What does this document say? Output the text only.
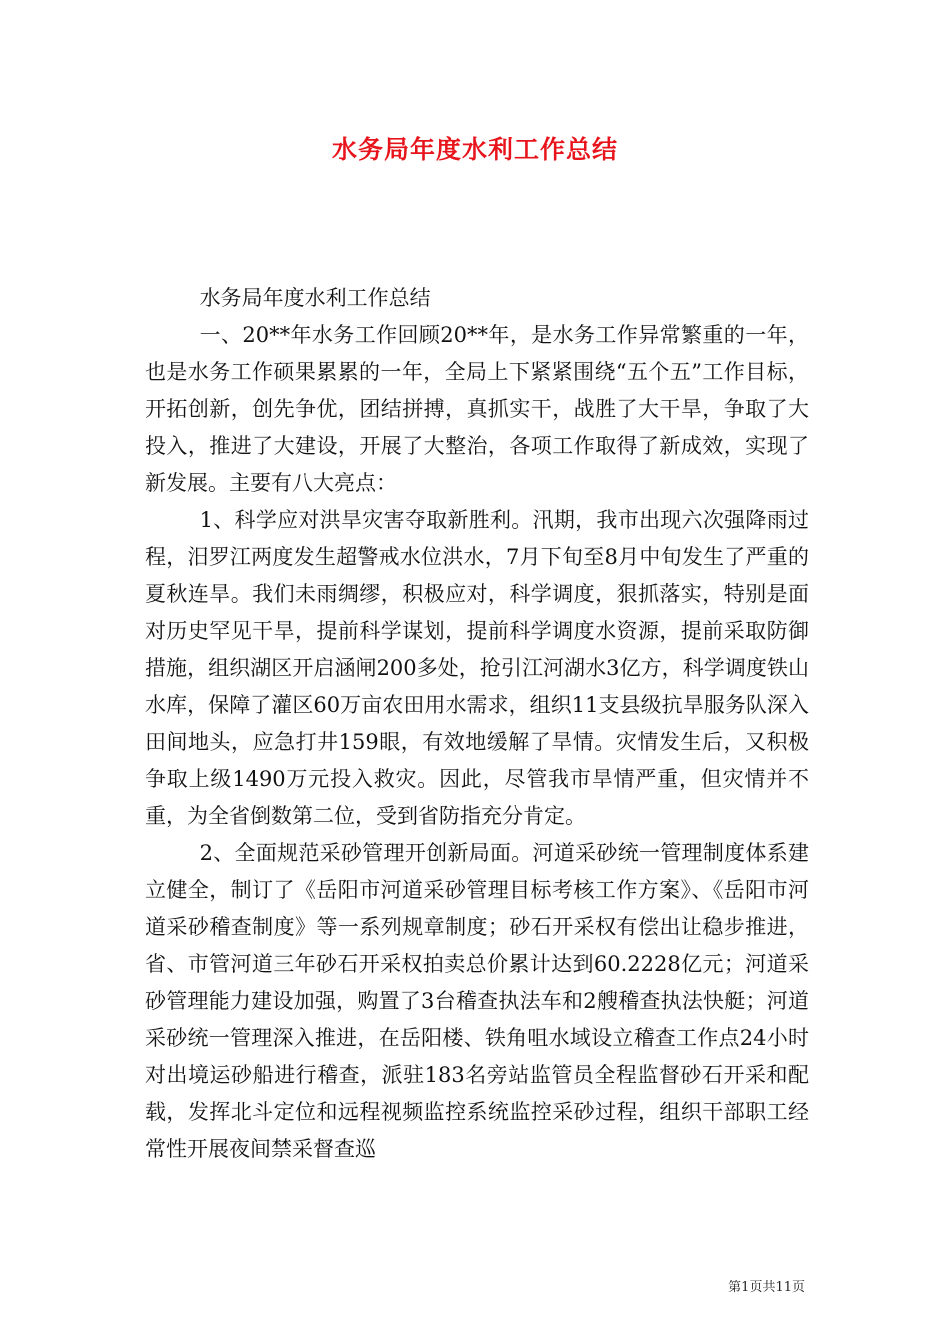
水务局年度水利工作总结

水务局年度水利工作总结

一、20**年水务工作回顾20**年，是水务工作异常繁重的一年，也是水务工作硕果累累的一年，全局上下紧紧围绕“五个五”工作目标，开拓创新，创先争优，团结拼搏，真抓实干，战胜了大干旱，争取了大投入，推进了大建设，开展了大整治，各项工作取得了新成效，实现了新发展。主要有八大亮点：

1、科学应对洪旱灾害夺取新胜利。汛期，我市出现六次强降雨过程，汨罗江两度发生超警戒水位洪水，7月下旬至8月中旬发生了严重的夏秋连旱。我们未雨绸缪，积极应对，科学调度，狠抓落实，特别是面对历史罕见干旱，提前科学谋划，提前科学调度水资源，提前采取防御措施，组织湖区开启涵闸200多处，抢引江河湖水3亿方，科学调度铁山水库，保障了灌区60万亩农田用水需求，组织11支县级抗旱服务队深入田间地头，应急打井159眼，有效地缓解了旱情。灾情发生后，又积极争取上级1490万元投入救灾。因此，尽管我市旱情严重，但灾情并不重，为全省倒数第二位，受到省防指充分肯定。

2、全面规范采砂管理开创新局面。河道采砂统一管理制度体系建立健全，制订了《岳阳市河道采砂管理目标考核工作方案》、《岳阳市河道采砂稽查制度》等一系列规章制度；砂石开采权有偿出让稳步推进，省、市管河道三年砂石开采权拍卖总价累计达到60.2228亿元；河道采砂管理能力建设加强，购置了3台稽查执法车和2艘稽查执法快艇；河道采砂统一管理深入推进，在岳阳楼、铁角咀水域设立稽查工作点24小时对出境运砂船进行稽查，派驻183名旁站监管员全程监督砂石开采和配载，发挥北斗定位和远程视频监控系统监控采砂过程，组织干部职工经常性开展夜间禁采督查巡

第1页共11页
